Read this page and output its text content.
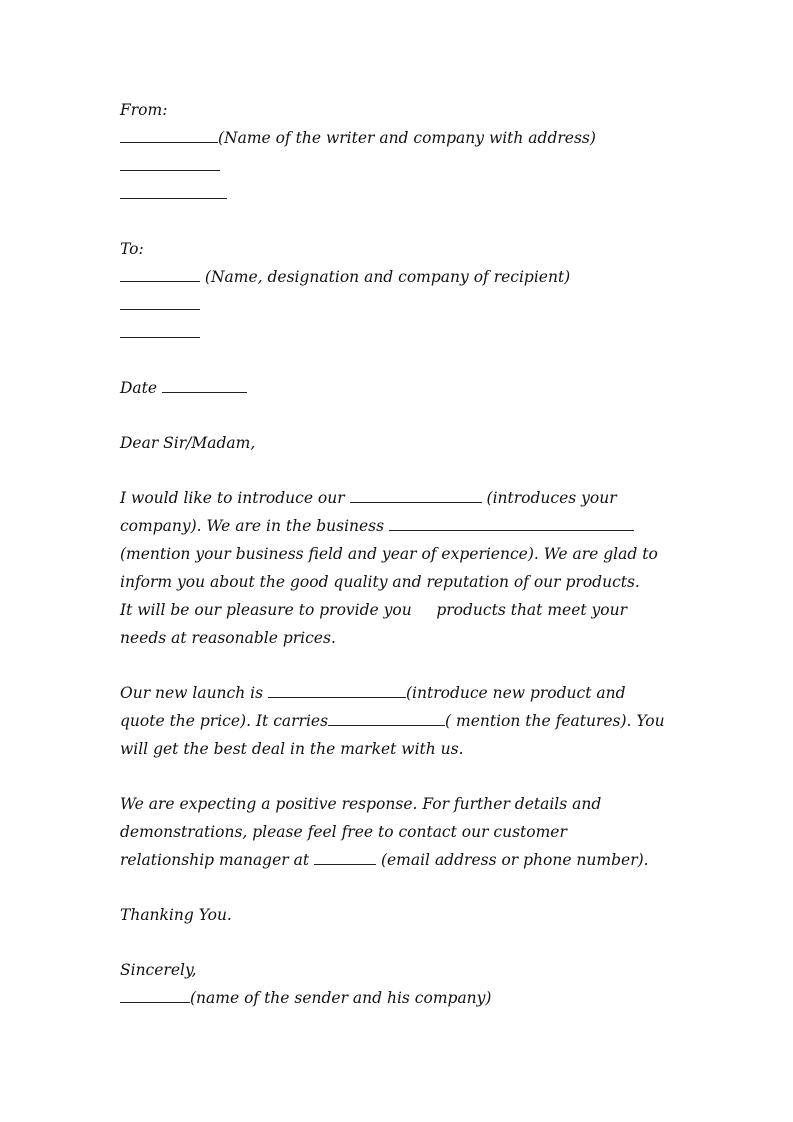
From:
(Name of the writer and company with address)
To:
(Name, designation and company of recipient)
Date
Dear Sir/Madam,
I would like to introduce our	(introduces your
company). We are in the business
(mention your business field and year of experience). We are glad to
inform you about the good quality and reputation of our products.
It will be our pleasure to provide you     products that meet your
needs at reasonable prices.
Our new launch is	(introduce new product and
quote the price). It carries	( mention the features). You
will get the best deal in the market with us.
We are expecting a positive response. For further details and
demonstrations, please feel free to contact our customer
relationship manager at	(email address or phone number).
Thanking You.
Sincerely,
(name of the sender and his company)
